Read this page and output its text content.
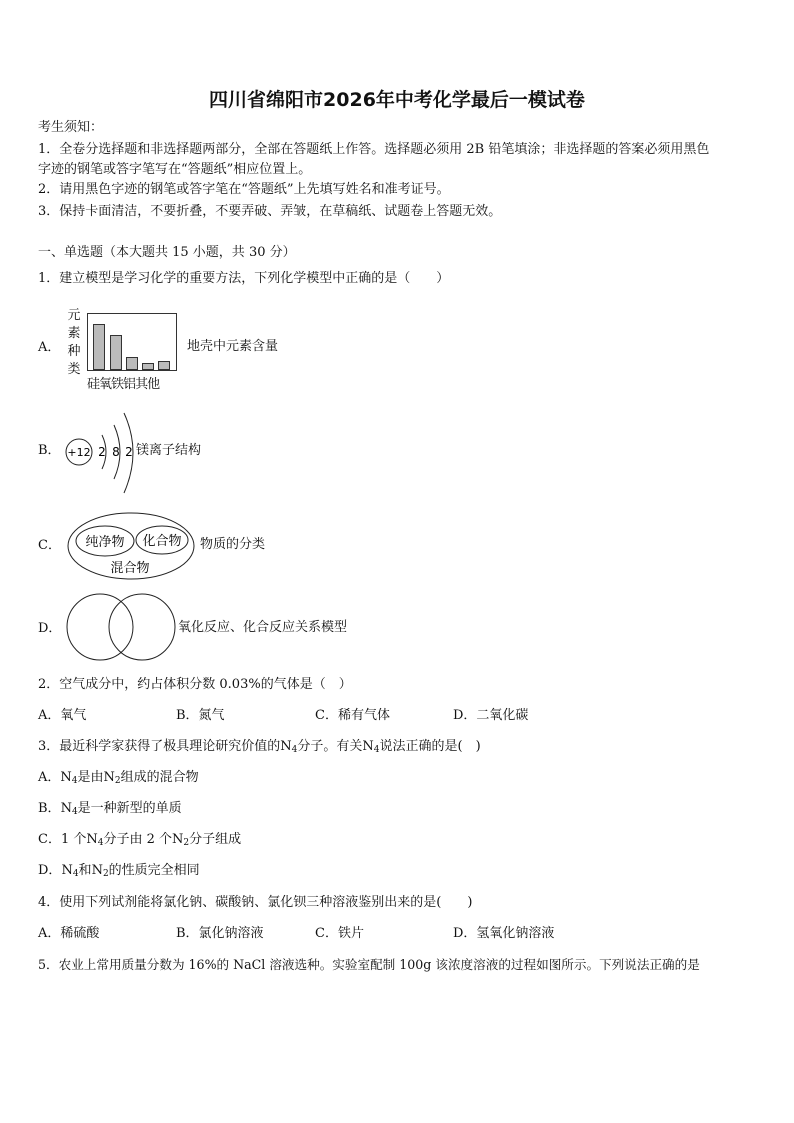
四川省绵阳市2026年中考化学最后一模试卷
考生须知：
1．全卷分选择题和非选择题两部分，全部在答题纸上作答。选择题必须用 2B 铅笔填涂；非选择题的答案必须用黑色
字迹的钢笔或答字笔写在“答题纸”相应位置上。
2．请用黑色字迹的钢笔或答字笔在“答题纸”上先填写姓名和准考证号。
3．保持卡面清洁，不要折叠，不要弄破、弄皱，在草稿纸、试题卷上答题无效。
一、单选题（本大题共 15 小题，共 30 分）
1．建立模型是学习化学的重要方法，下列化学模型中正确的是（　　）
A．
元
素
种
类
硅氧铁铝其他
地壳中元素含量
B． +12 2 8 2 镁离子结构
C． 纯净物 化合物
混合物
物质的分类
D．	氧化反应、化合反应关系模型
2．空气成分中，约占体积分数 0.03%的气体是（　）
A．氧气	B．氮气	C．稀有气体	D．二氧化碳
3．最近科学家获得了极具理论研究价值的$N_4$分子。有关$N_4$说法正确的是(　)
A．$N_4$是由$N_2$组成的混合物
B．$N_4$是一种新型的单质
C．1 个$N_4$分子由 2 个$N_2$分子组成
D．$N_4$和$N_2$的性质完全相同
4．使用下列试剂能将氯化钠、碳酸钠、氯化钡三种溶液鉴别出来的是(　　)
A．稀硫酸	B．氯化钠溶液	C．铁片	D．氢氧化钠溶液
5．农业上常用质量分数为 16%的 NaCl 溶液选种。实验室配制 100g 该浓度溶液的过程如图所示。下列说法正确的是
